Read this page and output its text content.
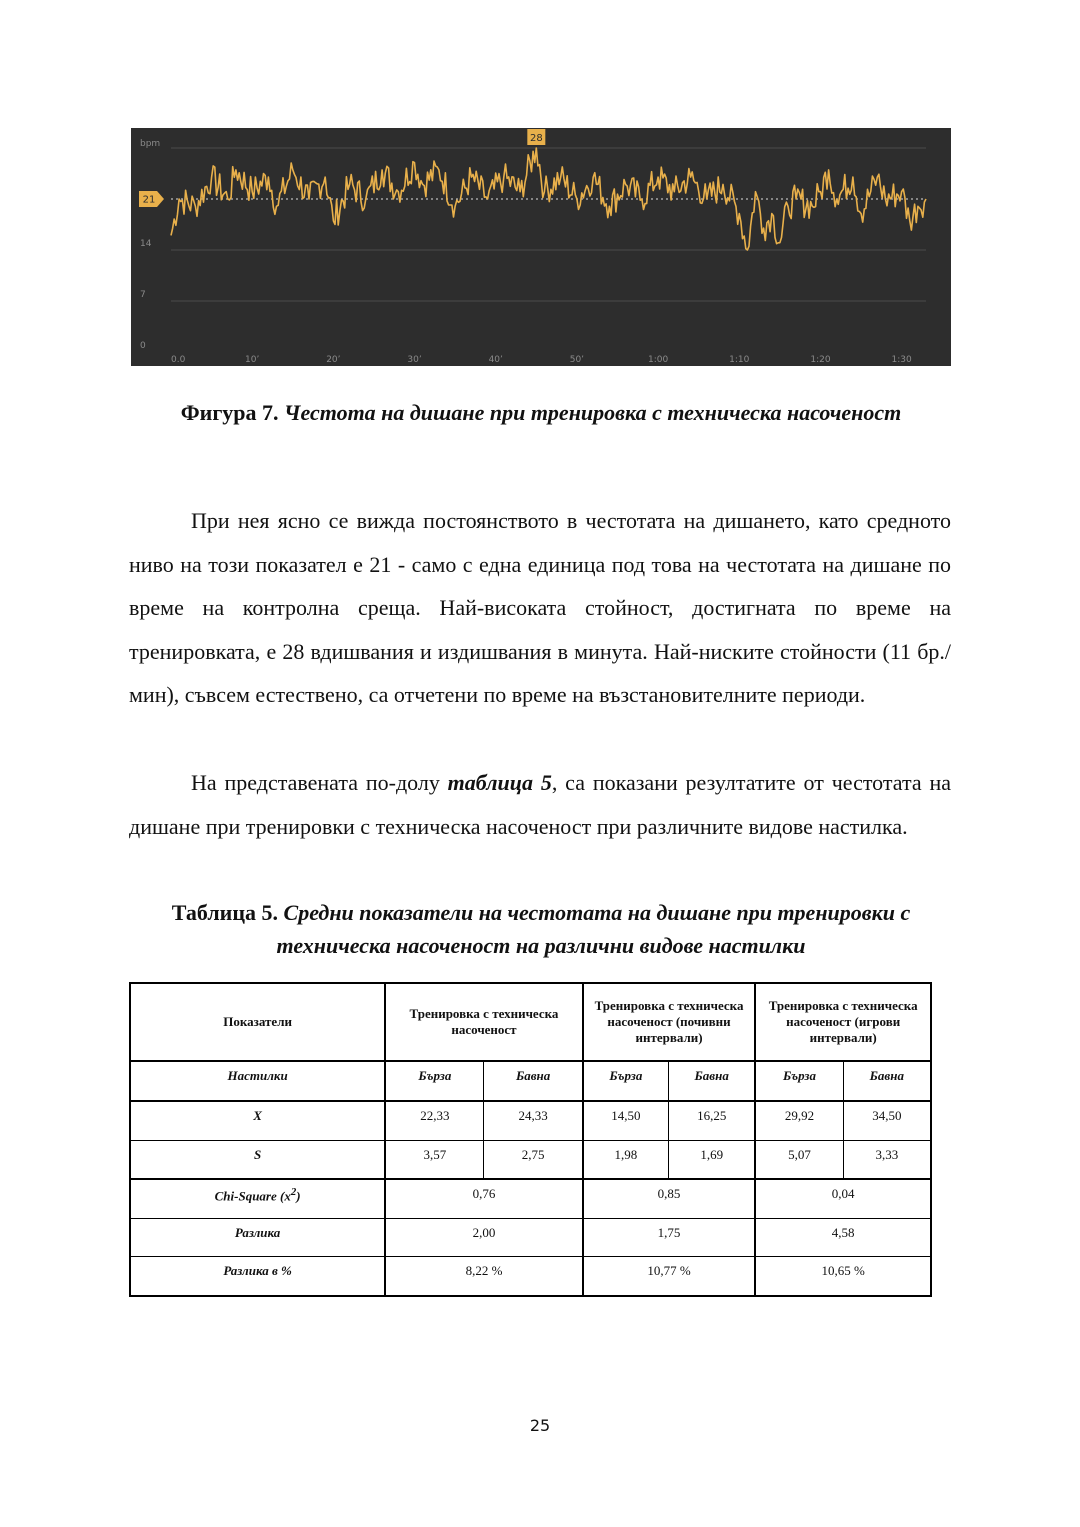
0
7
14
bpm
0.0	10’	20’	30’	40’	50’	1:00	1:10	1:20	1:30
21
28
Фигура 7. Честота на дишане при тренировка с техническа насоченост

При нея ясно се вижда постоянството в честотата на дишането, като средното ниво на този показател е 21 - само с една единица под това на честотата на дишане по време на контролна среща. Най-високата стойност, достигната по време на тренировката, е 28 вдишвания и издишвания в минута. Най-ниските стойности (11 бр./мин), съвсем естествено, са отчетени по време на възстановителните периоди.

На представената по-долу таблица 5, са показани резултатите от честотата на дишане при тренировки с техническа насоченост при различните видове настилка.

Таблица 5. Средни показатели на честотата на дишане при тренировки с техническа насоченост на различни видове настилки
Показатели	Тренировка с техническа насоченост		Тренировка с техническа насоченост (почивни интервали)		Тренировка с техническа насоченост (игрови интервали)	
Настилки	Бърза	Бавна	Бърза	Бавна	Бърза	Бавна
X	22,33	24,33	14,50	16,25	29,92	34,50
S	3,57	2,75	1,98	1,69	5,07	3,33
Chi-Square $(x^2)$	0,76		0,85		0,04	
Разлика	2,00		1,75		4,58	
Разлика в %	8,22 %		10,77 %		10,65 %	
25
